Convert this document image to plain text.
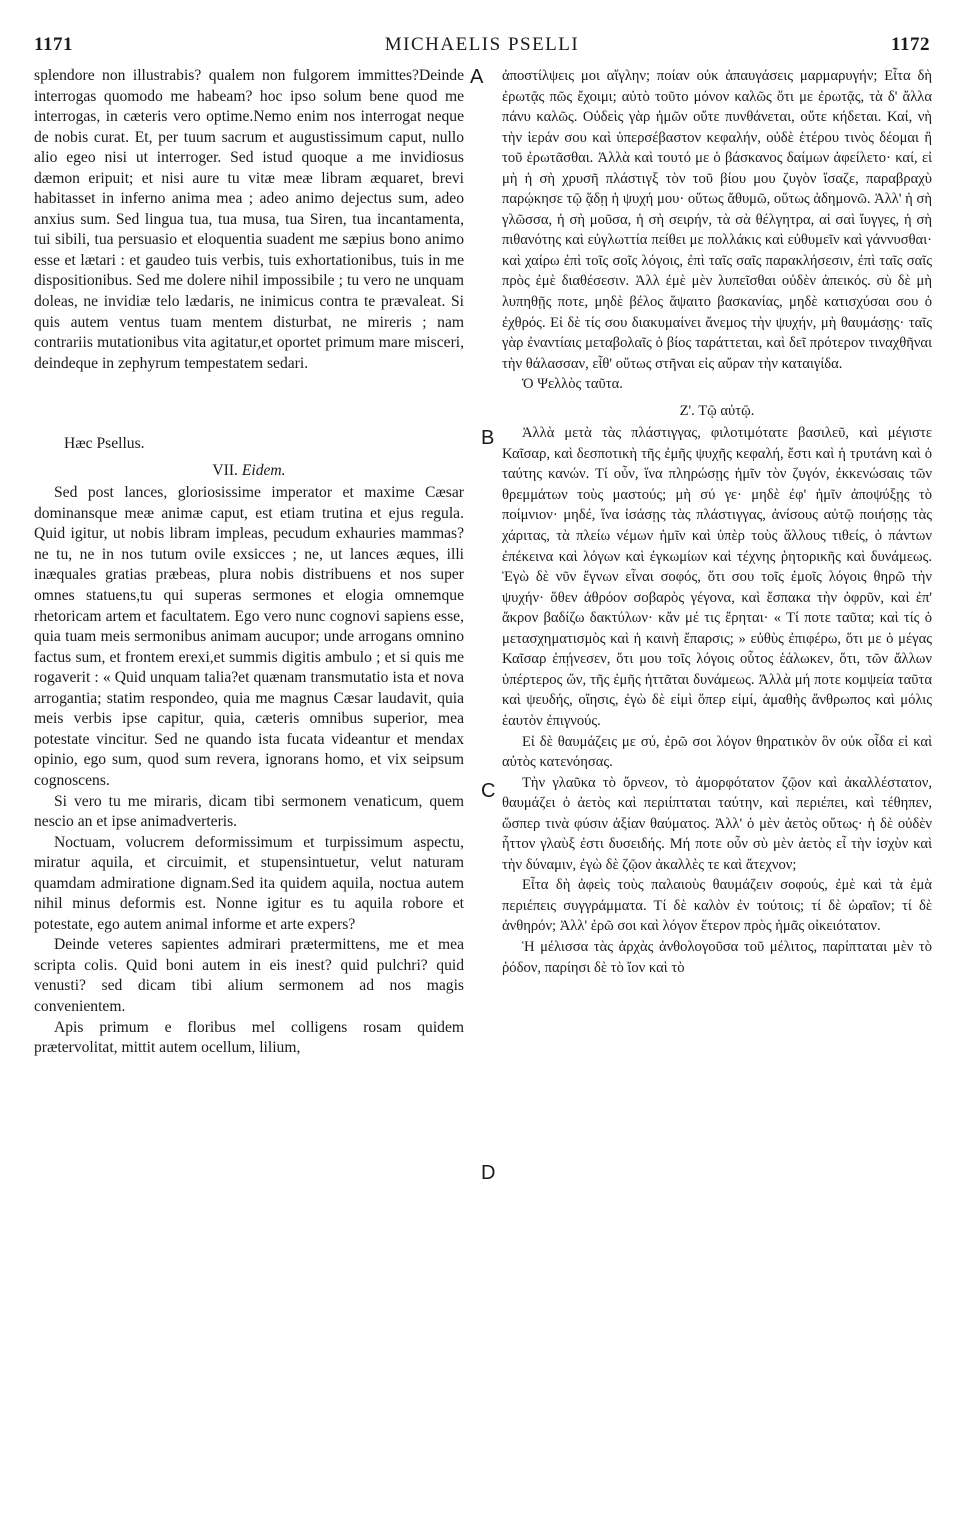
1171	MICHAELIS PSELLI	1172

splendore non illustrabis? qualem non fulgorem immittes?Deinde interrogas quomodo me habeam? hoc ipso solum bene quod me interrogas, in cæteris vero optime.Nemo enim nos interrogat neque de nobis curat. Et, per tuum sacrum et augustissimum caput, nullo alio egeo nisi ut interroger. Sed istud quoque a me invidiosus dæmon eripuit; et nisi aure tu vitæ meæ libram æquaret, brevi habitasset in inferno anima mea ; adeo animo dejectus sum, adeo anxius sum. Sed lingua tua, tua musa, tua Siren, tua incantamenta, tui sibili, tua persuasio et eloquentia suadent me sæpius bono animo esse et lætari : et gaudeo tuis verbis, tuis exhortationibus, tuis in me dispositionibus. Sed me dolere nihil impossibile ; tu vero ne unquam doleas, ne invidiæ telo lædaris, ne inimicus contra te prævaleat. Si quis autem ventus tuam mentem disturbat, ne mireris ; nam contrariis mutationibus vita agitatur,et oportet primum mare misceri, deindeque in zephyrum tempestatem sedari.

Hæc Psellus.

VII. Eidem.

Sed post lances, gloriosissime imperator et maxime Cæsar dominansque meæ animæ caput, est etiam trutina et ejus regula. Quid igitur, ut nobis libram impleas, pecudum exhauries mammas? ne tu, ne in nos tutum ovile exsicces ; ne, ut lances æques, illi inæquales gratias præbeas, plura nobis distribuens et nos super omnes statuens,tu qui superas sermones et elogia omnemque rhetoricam artem et facultatem. Ego vero nunc cognovi sapiens esse, quia tuam meis sermonibus animam aucupor; unde arrogans omnino factus sum, et frontem erexi,et summis digitis ambulo ; et si quis me rogaverit : « Quid unquam talia?et quænam transmutatio ista et nova arrogantia; statim respondeo, quia me magnus Cæsar laudavit, quia meis verbis ipse capitur, quia, cæteris omnibus superior, mea potestate vincitur. Sed ne quando ista fucata videantur et mendax opinio, ego sum, quod sum revera, ignorans homo, et vix seipsum cognoscens.

Si vero tu me miraris, dicam tibi sermonem venaticum, quem nescio an et ipse animadverteris.

Noctuam, volucrem deformissimum et turpissimum aspectu, miratur aquila, et circuimit, et stupensintuetur, velut naturam quamdam admiratione dignam.Sed ita quidem aquila, noctua autem nihil minus deformis est. Nonne igitur es tu aquila robore et potestate, ego autem animal informe et arte expers?

Deinde veteres sapientes admirari prætermittens, me et mea scripta colis. Quid boni autem in eis inest? quid pulchri? quid venusti? sed dicam tibi alium sermonem ad nos magis convenientem.

Apis primum e floribus mel colligens rosam quidem prætervolitat, mittit autem ocellum, lilium,

ἀποστίλψεις μοι αἴγλην; ποίαν οὐκ ἀπαυγάσεις μαρμαρυγήν; Εἶτα δὴ ἐρωτᾷς πῶς ἔχοιμι; αὐτὸ τοῦτο μόνον καλῶς ὅτι με ἐρωτᾷς, τὰ δ' ἄλλα πάνυ καλῶς. Οὐδεὶς γὰρ ἡμῶν οὔτε πυνθάνεται, οὔτε κήδεται. Καί, νὴ τὴν ἱεράν σου καὶ ὑπερσέβαστον κεφαλήν, οὐδὲ ἑτέρου τινὸς δέομαι ἢ τοῦ ἐρωτᾶσθαι. Ἀλλὰ καὶ τουτό με ὁ βάσκανος δαίμων ἀφείλετο· καί, εἰ μὴ ἡ σὴ χρυσῆ πλάστιγξ τὸν τοῦ βίου μου ζυγὸν ἴσαζε, παραβραχὺ παρῴκησε τῷ ᾅδῃ ἡ ψυχή μου· οὕτως ἄθυμῶ, οὕτως ἀδημονῶ. Ἀλλ' ἡ σὴ γλῶσσα, ἡ σὴ μοῦσα, ἡ σὴ σειρήν, τὰ σὰ θέλγητρα, αἱ σαὶ ἴυγγες, ἡ σὴ πιθανότης καὶ εὐγλωττία πείθει με πολλάκις καὶ εὐθυμεῖν καὶ γάννυσθαι· καὶ χαίρω ἐπὶ τοῖς σοῖς λόγοις, ἐπὶ ταῖς σαῖς παρακλήσεσιν, ἐπὶ ταῖς σαῖς πρὸς ἐμὲ διαθέσεσιν. Ἀλλ ἐμὲ μὲν λυπεῖσθαι οὐδὲν ἀπεικός. σὺ δὲ μὴ λυπηθῇς ποτε, μηδὲ βέλος ἅψαιτο βασκανίας, μηδὲ κατισχύσαι σου ὁ ἐχθρός. Εἰ δὲ τίς σου διακυμαίνει ἄνεμος τὴν ψυχήν, μὴ θαυμάσῃς· ταῖς γὰρ ἐναντίαις μεταβολαῖς ὁ βίος ταράττεται, καὶ δεῖ πρότερον τιναχθῆναι τὴν θάλασσαν, εἶθ' οὕτως στῆναι εἰς αὔραν τὴν καταιγίδα.

Ὁ Ψελλὸς ταῦτα.

Ζ'. Τῷ αὐτῷ.

Ἀλλὰ μετὰ τὰς πλάστιγγας, φιλοτιμότατε βασιλεῦ, καὶ μέγιστε Καῖσαρ, καὶ δεσποτικὴ τῆς ἐμῆς ψυχῆς κεφαλή, ἔστι καὶ ἡ τρυτάνη καὶ ὁ ταύτης κανών. Τί οὖν, ἵνα πληρώσῃς ἡμῖν τὸν ζυγόν, ἐκκενώσαις τῶν θρεμμάτων τοὺς μαστούς; μὴ σύ γε· μηδὲ ἐφ' ἡμῖν ἀποψύξῃς τὸ ποίμνιον· μηδέ, ἵνα ἰσάσῃς τὰς πλάστιγγας, ἀνίσους αὐτῷ ποιήσῃς τὰς χάριτας, τὰ πλείω νέμων ἡμῖν καὶ ὑπὲρ τοὺς ἄλλους τιθείς, ὁ πάντων ἐπέκεινα καὶ λόγων καὶ ἐγκωμίων καὶ τέχνης ῥητορικῆς καὶ δυνάμεως. Ἐγὼ δὲ νῦν ἔγνων εἶναι σοφός, ὅτι σου τοῖς ἐμοῖς λόγοις θηρῶ τὴν ψυχήν· ὅθεν ἀθρόον σοβαρὸς γέγονα, καὶ ἔσπακα τὴν ὀφρῦν, καὶ ἐπ' ἄκρον βαδίζω δακτύλων· κἄν μέ τις ἔρηται· « Τί ποτε ταῦτα; καὶ τίς ὁ μετασχηματισμὸς καὶ ἡ καινὴ ἔπαρσις; » εὐθὺς ἐπιφέρω, ὅτι με ὁ μέγας Καῖσαρ ἐπῄνεσεν, ὅτι μου τοῖς λόγοις οὗτος ἑάλωκεν, ὅτι, τῶν ἄλλων ὑπέρτερος ὤν, τῆς ἐμῆς ἡττᾶται δυνάμεως. Ἀλλὰ μή ποτε κομψεία ταῦτα καὶ ψευδής, οἴησις, ἐγὼ δὲ εἰμὶ ὅπερ εἰμί, ἀμαθὴς ἄνθρωπος καὶ μόλις ἑαυτὸν ἐπιγνούς.

Εἰ δὲ θαυμάζεις με σύ, ἐρῶ σοι λόγον θηρατικὸν ὃν οὐκ οἶδα εἰ καὶ αὐτὸς κατενόησας.

Τὴν γλαῦκα τὸ ὄρνεον, τὸ ἀμορφότατον ζῷον καὶ ἀκαλλέστατον, θαυμάζει ὁ ἀετὸς καὶ περιίπταται ταύτην, καὶ περιέπει, καὶ τέθηπεν, ὥσπερ τινὰ φύσιν ἀξίαν θαύματος. Ἀλλ' ὁ μὲν ἀετὸς οὕτως· ἡ δὲ οὐδὲν ἧττον γλαὺξ ἐστι δυσειδής. Μή ποτε οὖν σὺ μὲν ἀετὸς εἶ τὴν ἰσχὺν καὶ τὴν δύναμιν, ἐγὼ δὲ ζῷον ἀκαλλὲς τε καὶ ἄτεχνον;

Εἶτα δὴ ἀφεὶς τοὺς παλαιοὺς θαυμάζειν σοφούς, ἐμὲ καὶ τὰ ἐμὰ περιέπεις συγγράμματα. Τί δὲ καλὸν ἐν τούτοις; τί δὲ ὡραῖον; τί δὲ ἀνθηρόν; Ἀλλ' ἐρῶ σοι καὶ λόγον ἕτερον πρὸς ἡμᾶς οἰκειότατον.

Ἡ μέλισσα τὰς ἀρχὰς ἀνθολογοῦσα τοῦ μέλιτος, παρίπταται μὲν τὸ ῥόδον, παρίησι δὲ τὸ ἴον καὶ τὸ

A
B
C
D
